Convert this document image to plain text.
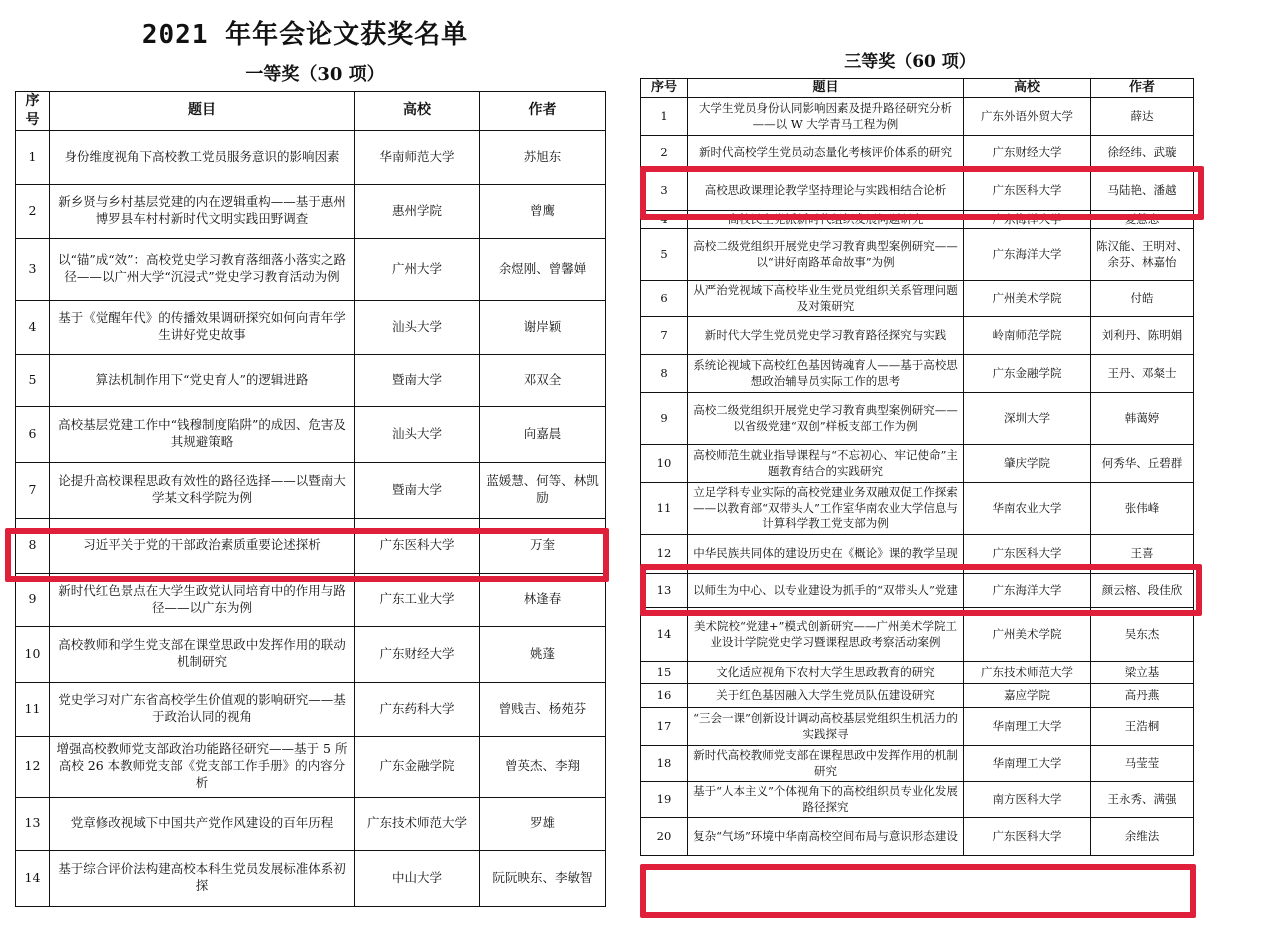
2021 年年会论文获奖名单
一等奖（30 项）
三等奖（60 项）
序号	题目	高校	作者
1	身份维度视角下高校教工党员服务意识的影响因素	华南师范大学	苏旭东
2	新乡贤与乡村基层党建的内在逻辑重构——基于惠州博罗县车村村新时代文明实践田野调查	惠州学院	曾鹰
3	以“锚”成“效”：高校党史学习教育落细落小落实之路径——以广州大学“沉浸式”党史学习教育活动为例	广州大学	余煜刚、曾馨婵
4	基于《觉醒年代》的传播效果调研探究如何向青年学生讲好党史故事	汕头大学	谢岸颖
5	算法机制作用下“党史育人”的逻辑进路	暨南大学	邓双全
6	高校基层党建工作中“钱穆制度陷阱”的成因、危害及其规避策略	汕头大学	向嘉晨
7	论提升高校课程思政有效性的路径选择——以暨南大学某文科学院为例	暨南大学	蓝媛慧、何等、林凯励
8	习近平关于党的干部政治素质重要论述探析	广东医科大学	万奎
9	新时代红色景点在大学生政党认同培育中的作用与路径——以广东为例	广东工业大学	林逢春
10	高校教师和学生党支部在课堂思政中发挥作用的联动机制研究	广东财经大学	姚蓬
11	党史学习对广东省高校学生价值观的影响研究——基于政治认同的视角	广东药科大学	曾贱吉、杨苑芬
12	增强高校教师党支部政治功能路径研究——基于 5 所高校 26 本教师党支部《党支部工作手册》的内容分析	广东金融学院	曾英杰、李翔
13	党章修改视域下中国共产党作风建设的百年历程	广东技术师范大学	罗雄
14	基于综合评价法构建高校本科生党员发展标准体系初探	中山大学	阮阮映东、李敏智
序号	题目	高校	作者
1	大学生党员身份认同影响因素及提升路径研究分析——以 W 大学青马工程为例	广东外语外贸大学	薛达
2	新时代高校学生党员动态量化考核评价体系的研究	广东财经大学	徐经纬、武璇
3	高校思政课理论教学坚持理论与实践相结合论析	广东医科大学	马陆艳、潘越
4	高校民主党派新时代组织发展问题研究	广东海洋大学	夏慧忠
5	高校二级党组织开展党史学习教育典型案例研究——以“讲好南路革命故事”为例	广东海洋大学	陈汉能、王明对、余芬、林嘉怡
6	从严治党视域下高校毕业生党员党组织关系管理问题及对策研究	广州美术学院	付皓
7	新时代大学生党员党史学习教育路径探究与实践	岭南师范学院	刘利丹、陈明娟
8	系统论视域下高校红色基因铸魂育人——基于高校思想政治辅导员实际工作的思考	广东金融学院	王丹、邓粲士
9	高校二级党组织开展党史学习教育典型案例研究——以省级党建“双创”样板支部工作为例	深圳大学	韩蔼婷
10	高校师范生就业指导课程与“不忘初心、牢记使命”主题教育结合的实践研究	肇庆学院	何秀华、丘碧群
11	立足学科专业实际的高校党建业务双融双促工作探索——以教育部“双带头人”工作室华南农业大学信息与计算科学教工党支部为例	华南农业大学	张伟峰
12	中华民族共同体的建设历史在《概论》课的教学呈现	广东医科大学	王喜
13	以师生为中心、以专业建设为抓手的“双带头人”党建	广东海洋大学	颜云榕、段佳欣
14	美术院校“党建+”模式创新研究——广州美术学院工业设计学院党史学习暨课程思政考察活动案例	广州美术学院	吴东杰
15	文化适应视角下农村大学生思政教育的研究	广东技术师范大学	梁立基
16	关于红色基因融入大学生党员队伍建设研究	嘉应学院	高丹燕
17	“三会一课”创新设计调动高校基层党组织生机活力的实践探寻	华南理工大学	王浩桐
18	新时代高校教师党支部在课程思政中发挥作用的机制研究	华南理工大学	马莹莹
19	基于“人本主义”个体视角下的高校组织员专业化发展路径探究	南方医科大学	王永秀、满强
20	复杂“气场”环境中华南高校空间布局与意识形态建设	广东医科大学	余维法
